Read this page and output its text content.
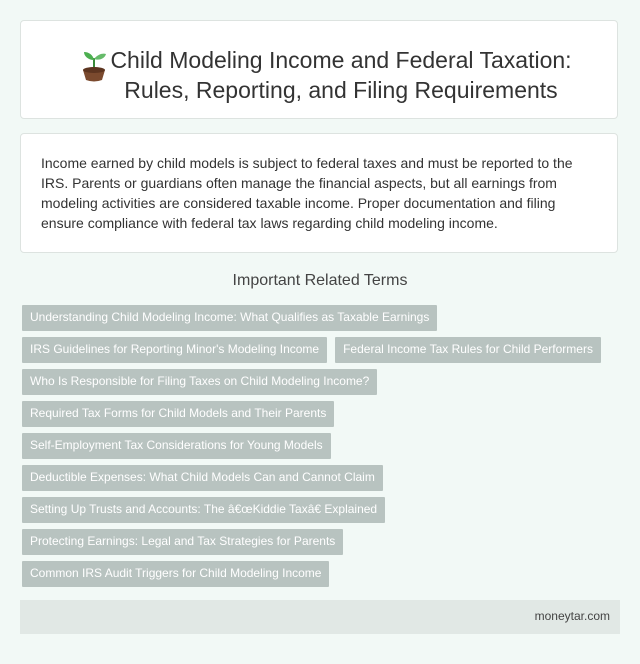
Child Modeling Income and Federal Taxation: Rules, Reporting, and Filing Requirements

Income earned by child models is subject to federal taxes and must be reported to the IRS. Parents or guardians often manage the financial aspects, but all earnings from modeling activities are considered taxable income. Proper documentation and filing ensure compliance with federal tax laws regarding child modeling income.

Important Related Terms
Understanding Child Modeling Income: What Qualifies as Taxable Earnings
IRS Guidelines for Reporting Minor's Modeling Income	Federal Income Tax Rules for Child Performers
Who Is Responsible for Filing Taxes on Child Modeling Income?
Required Tax Forms for Child Models and Their Parents
Self-Employment Tax Considerations for Young Models
Deductible Expenses: What Child Models Can and Cannot Claim
Setting Up Trusts and Accounts: The â€œKiddie Taxâ€ Explained
Protecting Earnings: Legal and Tax Strategies for Parents
Common IRS Audit Triggers for Child Modeling Income
moneytar.com
